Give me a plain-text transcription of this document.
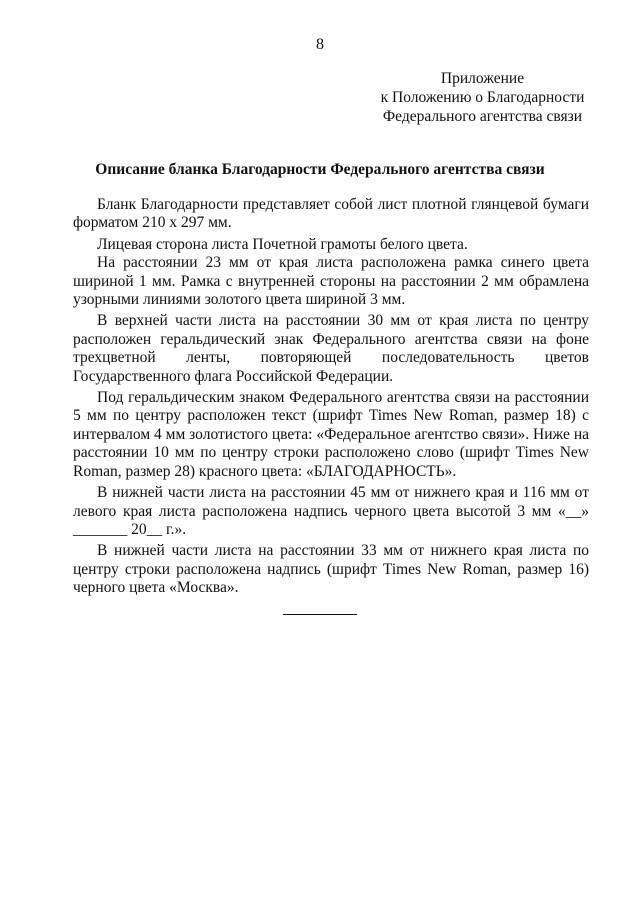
8
Приложение
к Положению о Благодарности
Федерального агентства связи
Описание бланка Благодарности Федерального агентства связи

Бланк Благодарности представляет собой лист плотной глянцевой бумаги форматом 210 х 297 мм.

Лицевая сторона листа Почетной грамоты белого цвета.

На расстоянии 23 мм от края листа расположена рамка синего цвета шириной 1 мм. Рамка с внутренней стороны на расстоянии 2 мм обрамлена узорными линиями золотого цвета шириной 3 мм.

В верхней части листа на расстоянии 30 мм от края листа по центру расположен геральдический знак Федерального агентства связи на фоне трехцветной ленты, повторяющей последовательность цветов Государственного флага Российской Федерации.

Под геральдическим знаком Федерального агентства связи на расстоянии 5 мм по центру расположен текст (шрифт Times New Roman, размер 18) с интервалом 4 мм золотистого цвета: «Федеральное агентство связи». Ниже на расстоянии 10 мм по центру строки расположено слово (шрифт Times New Roman, размер 28) красного цвета: «БЛАГОДАРНОСТЬ».

В нижней части листа на расстоянии 45 мм от нижнего края и 116 мм от левого края листа расположена надпись черного цвета высотой 3 мм «__» _______ 20__ г.».

В нижней части листа на расстоянии 33 мм от нижнего края листа по центру строки расположена надпись (шрифт Times New Roman, размер 16) черного цвета «Москва».
